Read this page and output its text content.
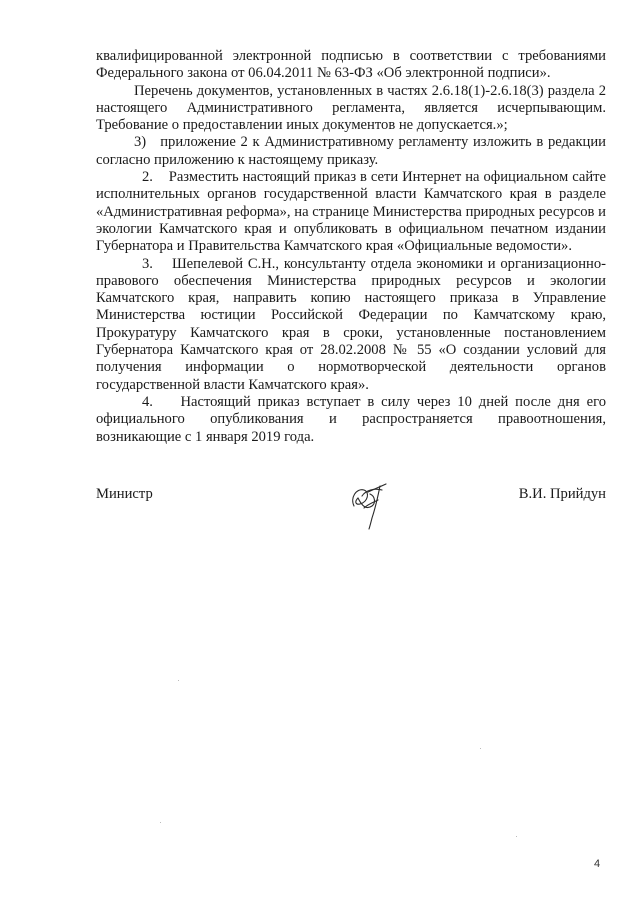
квалифицированной электронной подписью в соответствии с требованиями Федерального закона от 06.04.2011 № 63-ФЗ «Об электронной подписи».

Перечень документов, установленных в частях 2.6.18(1)-2.6.18(3) раздела 2 настоящего Административного регламента, является исчерпывающим. Требование о предоставлении иных документов не допускается.»;

3)   приложение 2 к Административному регламенту изложить в редакции согласно приложению к настоящему приказу.

2.    Разместить настоящий приказ в сети Интернет на официальном сайте исполнительных органов государственной власти Камчатского края в разделе «Административная реформа», на странице Министерства природных ресурсов и экологии Камчатского края и опубликовать в официальном печатном издании Губернатора и Правительства Камчатского края «Официальные ведомости».

3.    Шепелевой С.Н., консультанту отдела экономики и организационно-правового обеспечения Министерства природных ресурсов и экологии Камчатского края, направить копию настоящего приказа в Управление Министерства юстиции Российской Федерации по Камчатскому краю, Прокуратуру Камчатского края в сроки, установленные постановлением Губернатора Камчатского края от 28.02.2008 № 55 «О создании условий для получения информации о нормотворческой деятельности органов государственной власти Камчатского края».

4.    Настоящий приказ вступает в силу через 10 дней после дня его официального опубликования и распространяется правоотношения, возникающие с 1 января 2019 года.

Министр	В.И. Прийдун
4
